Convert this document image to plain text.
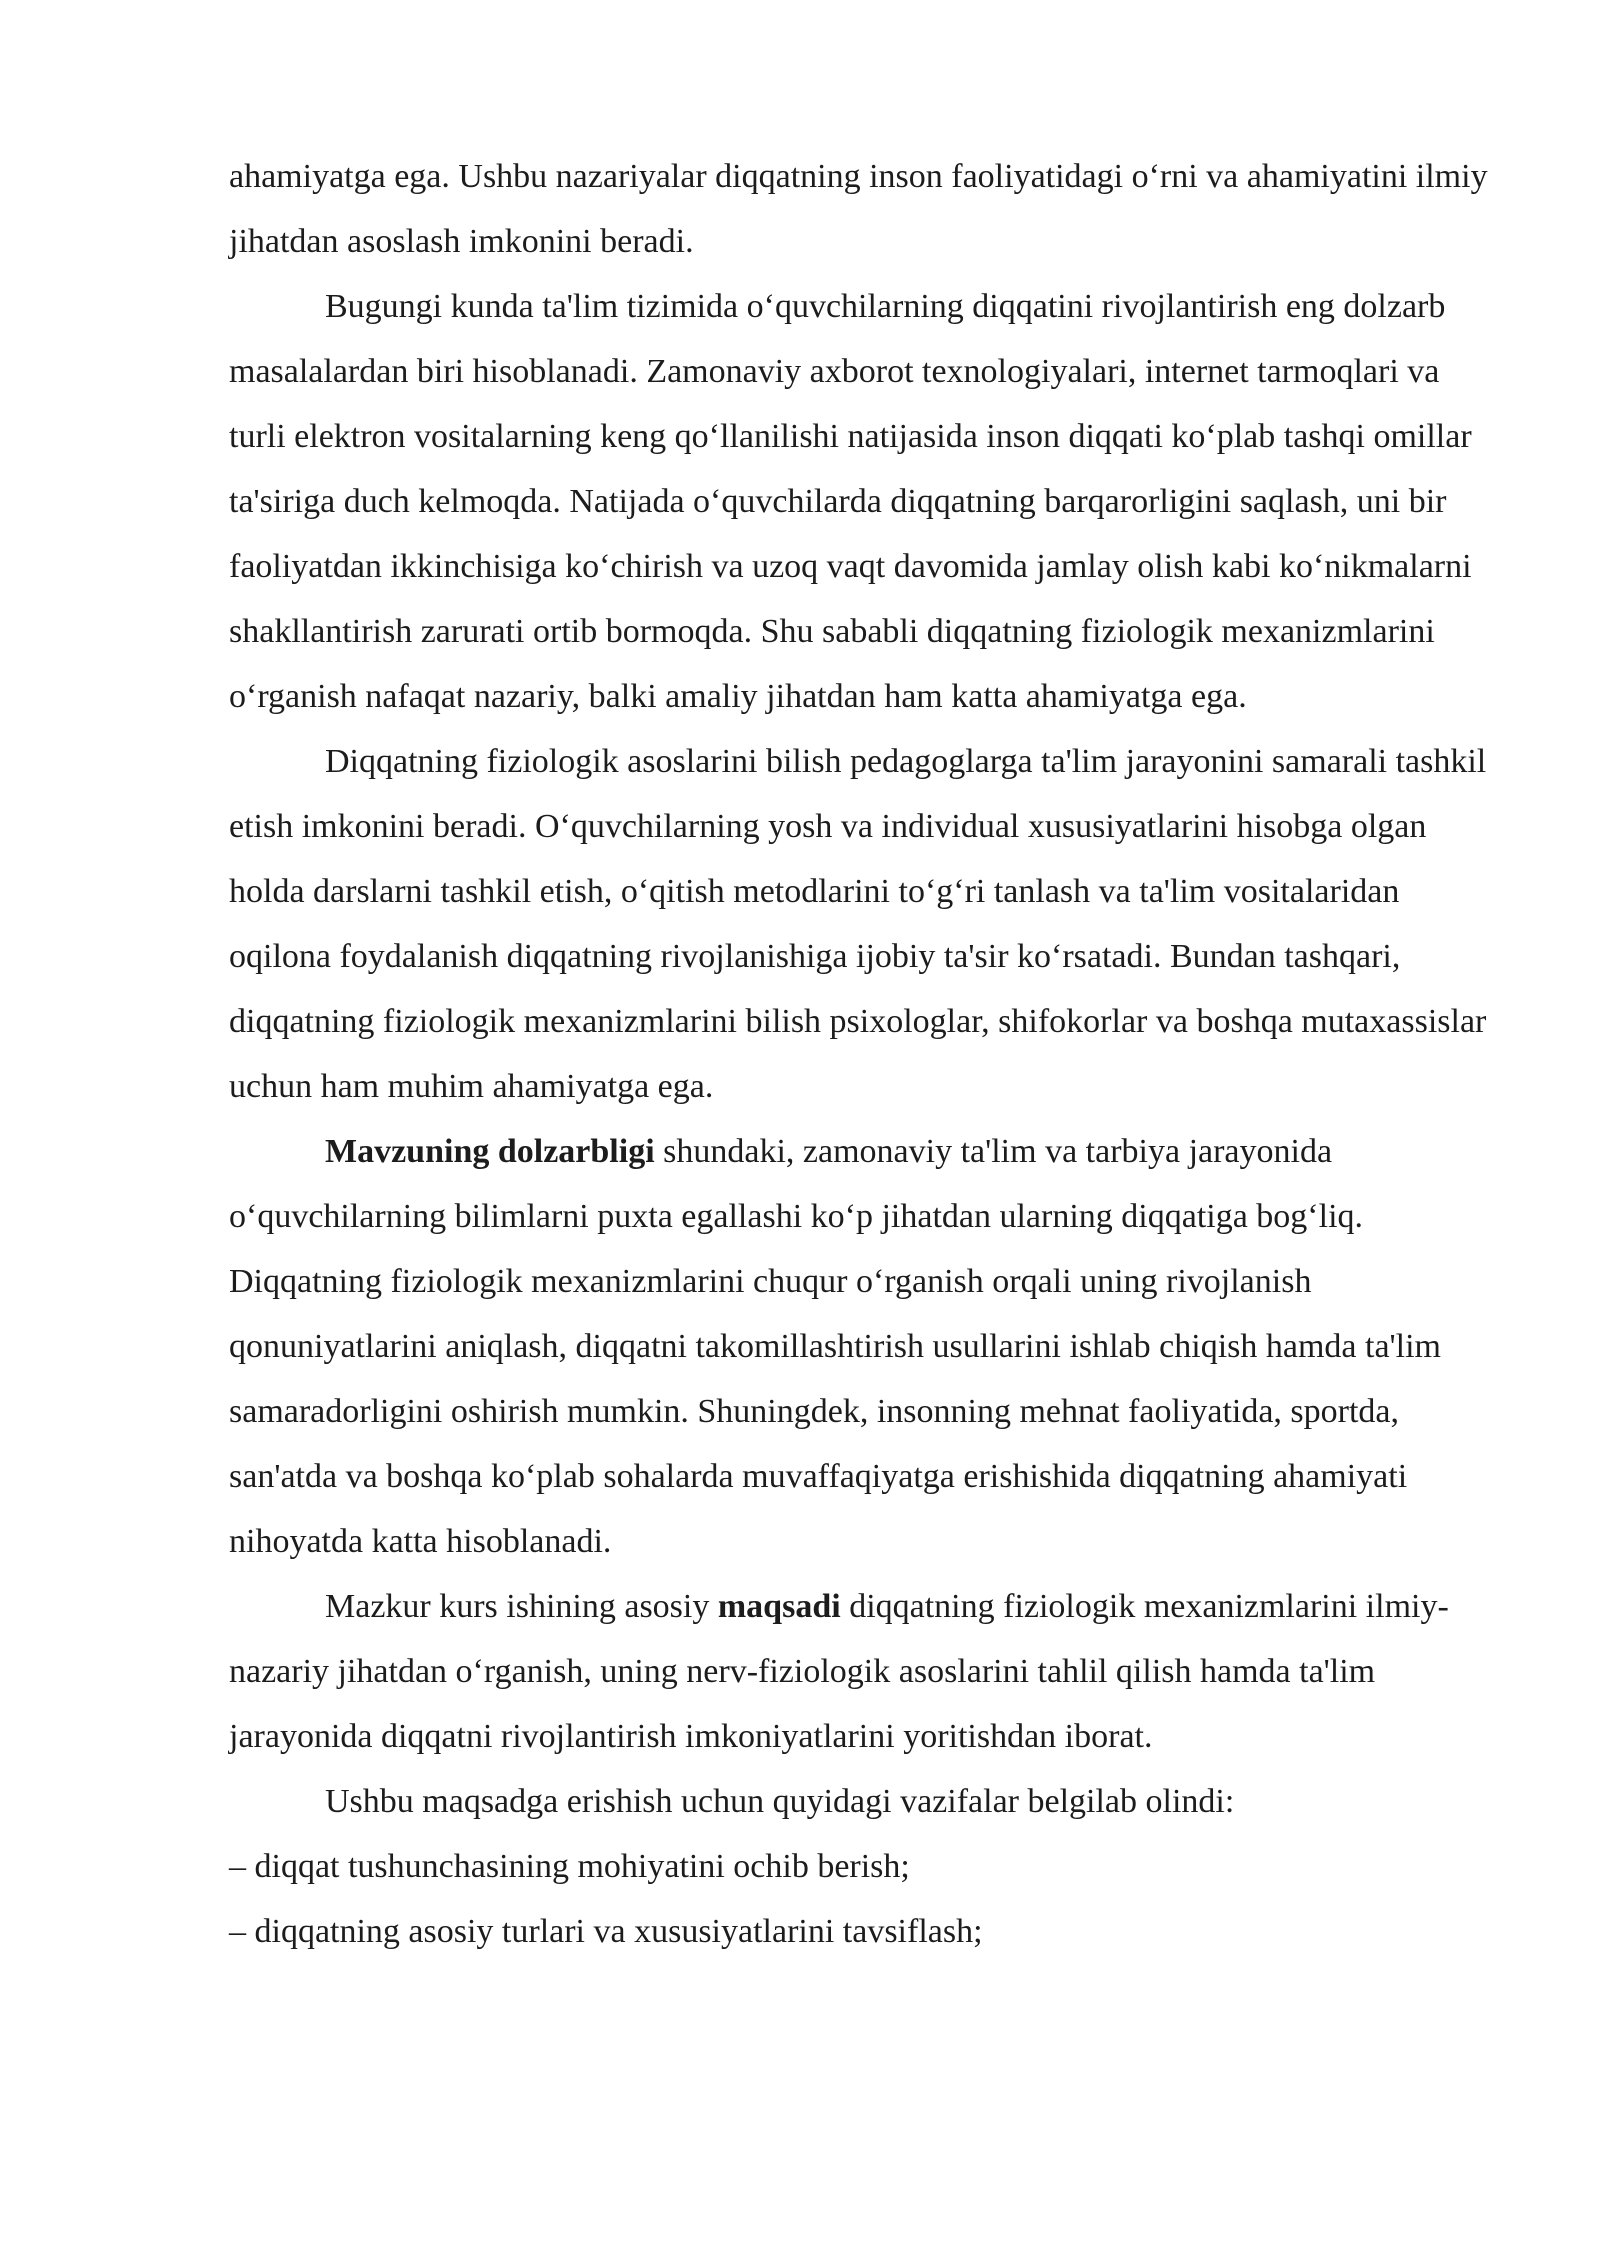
ahamiyatga ega. Ushbu nazariyalar diqqatning inson faoliyatidagi o‘rni va ahamiyatini ilmiy jihatdan asoslash imkonini beradi.

Bugungi kunda ta'lim tizimida o‘quvchilarning diqqatini rivojlantirish eng dolzarb masalalardan biri hisoblanadi. Zamonaviy axborot texnologiyalari, internet tarmoqlari va turli elektron vositalarning keng qo‘llanilishi natijasida inson diqqati ko‘plab tashqi omillar ta'siriga duch kelmoqda. Natijada o‘quvchilarda diqqatning barqarorligini saqlash, uni bir faoliyatdan ikkinchisiga ko‘chirish va uzoq vaqt davomida jamlay olish kabi ko‘nikmalarni shakllantirish zarurati ortib bormoqda. Shu sababli diqqatning fiziologik mexanizmlarini o‘rganish nafaqat nazariy, balki amaliy jihatdan ham katta ahamiyatga ega.

Diqqatning fiziologik asoslarini bilish pedagoglarga ta'lim jarayonini samarali tashkil etish imkonini beradi. O‘quvchilarning yosh va individual xususiyatlarini hisobga olgan holda darslarni tashkil etish, o‘qitish metodlarini to‘g‘ri tanlash va ta'lim vositalaridan oqilona foydalanish diqqatning rivojlanishiga ijobiy ta'sir ko‘rsatadi. Bundan tashqari, diqqatning fiziologik mexanizmlarini bilish psixologlar, shifokorlar va boshqa mutaxassislar uchun ham muhim ahamiyatga ega.

Mavzuning dolzarbligi shundaki, zamonaviy ta'lim va tarbiya jarayonida o‘quvchilarning bilimlarni puxta egallashi ko‘p jihatdan ularning diqqatiga bog‘liq. Diqqatning fiziologik mexanizmlarini chuqur o‘rganish orqali uning rivojlanish qonuniyatlarini aniqlash, diqqatni takomillashtirish usullarini ishlab chiqish hamda ta'lim samaradorligini oshirish mumkin. Shuningdek, insonning mehnat faoliyatida, sportda, san'atda va boshqa ko‘plab sohalarda muvaffaqiyatga erishishida diqqatning ahamiyati nihoyatda katta hisoblanadi.

Mazkur kurs ishining asosiy maqsadi diqqatning fiziologik mexanizmlarini ilmiy-nazariy jihatdan o‘rganish, uning nerv-fiziologik asoslarini tahlil qilish hamda ta'lim jarayonida diqqatni rivojlantirish imkoniyatlarini yoritishdan iborat.

Ushbu maqsadga erishish uchun quyidagi vazifalar belgilab olindi:

– diqqat tushunchasining mohiyatini ochib berish;

– diqqatning asosiy turlari va xususiyatlarini tavsiflash;
